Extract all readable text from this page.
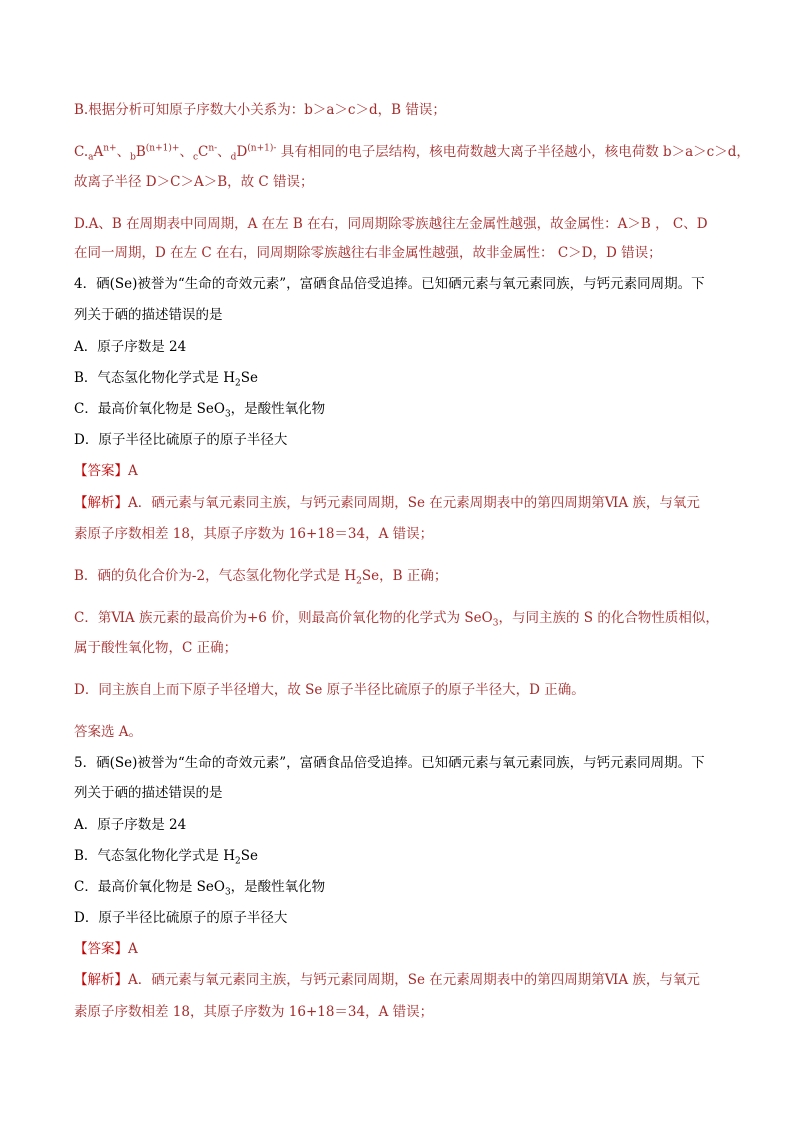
B.根据分析可知原子序数大小关系为：b＞a＞c＞d，B 错误；
$C._aA^{n+}$、$_bB^{(n+1)+}$、$_cC^{n-}$、$_dD^{(n+1)-}$ 具有相同的电子层结构，核电荷数越大离子半径越小，核电荷数 b＞a＞c＞d，
故离子半径 D＞C＞A＞B，故 C 错误；
D.A、B 在周期表中同周期，A 在左 B 在右，同周期除零族越往左金属性越强，故金属性：A＞B ， C、D
在同一周期，D 在左 C 在右，同周期除零族越往右非金属性越强，故非金属性： C＞D，D 错误；
4．硒(Se)被誉为“生命的奇效元素”，富硒食品倍受追捧。已知硒元素与氧元素同族，与钙元素同周期。下
列关于硒的描述错误的是
A．原子序数是 24
B．气态氢化物化学式是 $H_2Se$
C．最高价氧化物是 SeO$_3$，是酸性氧化物
D．原子半径比硫原子的原子半径大
【答案】A
【解析】A．硒元素与氧元素同主族，与钙元素同周期，Se 在元素周期表中的第四周期第ⅥA 族，与氧元
素原子序数相差 18，其原子序数为 16+18＝34，A 错误；
B．硒的负化合价为-2，气态氢化物化学式是 $H_2Se$，B 正确；
C．第ⅥA 族元素的最高价为+6 价，则最高价氧化物的化学式为 SeO$_3$，与同主族的 S 的化合物性质相似，
属于酸性氧化物，C 正确；
D．同主族自上而下原子半径增大，故 Se 原子半径比硫原子的原子半径大，D 正确。
答案选 A。
5．硒(Se)被誉为“生命的奇效元素”，富硒食品倍受追捧。已知硒元素与氧元素同族，与钙元素同周期。下
列关于硒的描述错误的是
A．原子序数是 24
B．气态氢化物化学式是 $H_2Se$
C．最高价氧化物是 SeO$_3$，是酸性氧化物
D．原子半径比硫原子的原子半径大
【答案】A
【解析】A．硒元素与氧元素同主族，与钙元素同周期，Se 在元素周期表中的第四周期第ⅥA 族，与氧元
素原子序数相差 18，其原子序数为 16+18＝34，A 错误；
